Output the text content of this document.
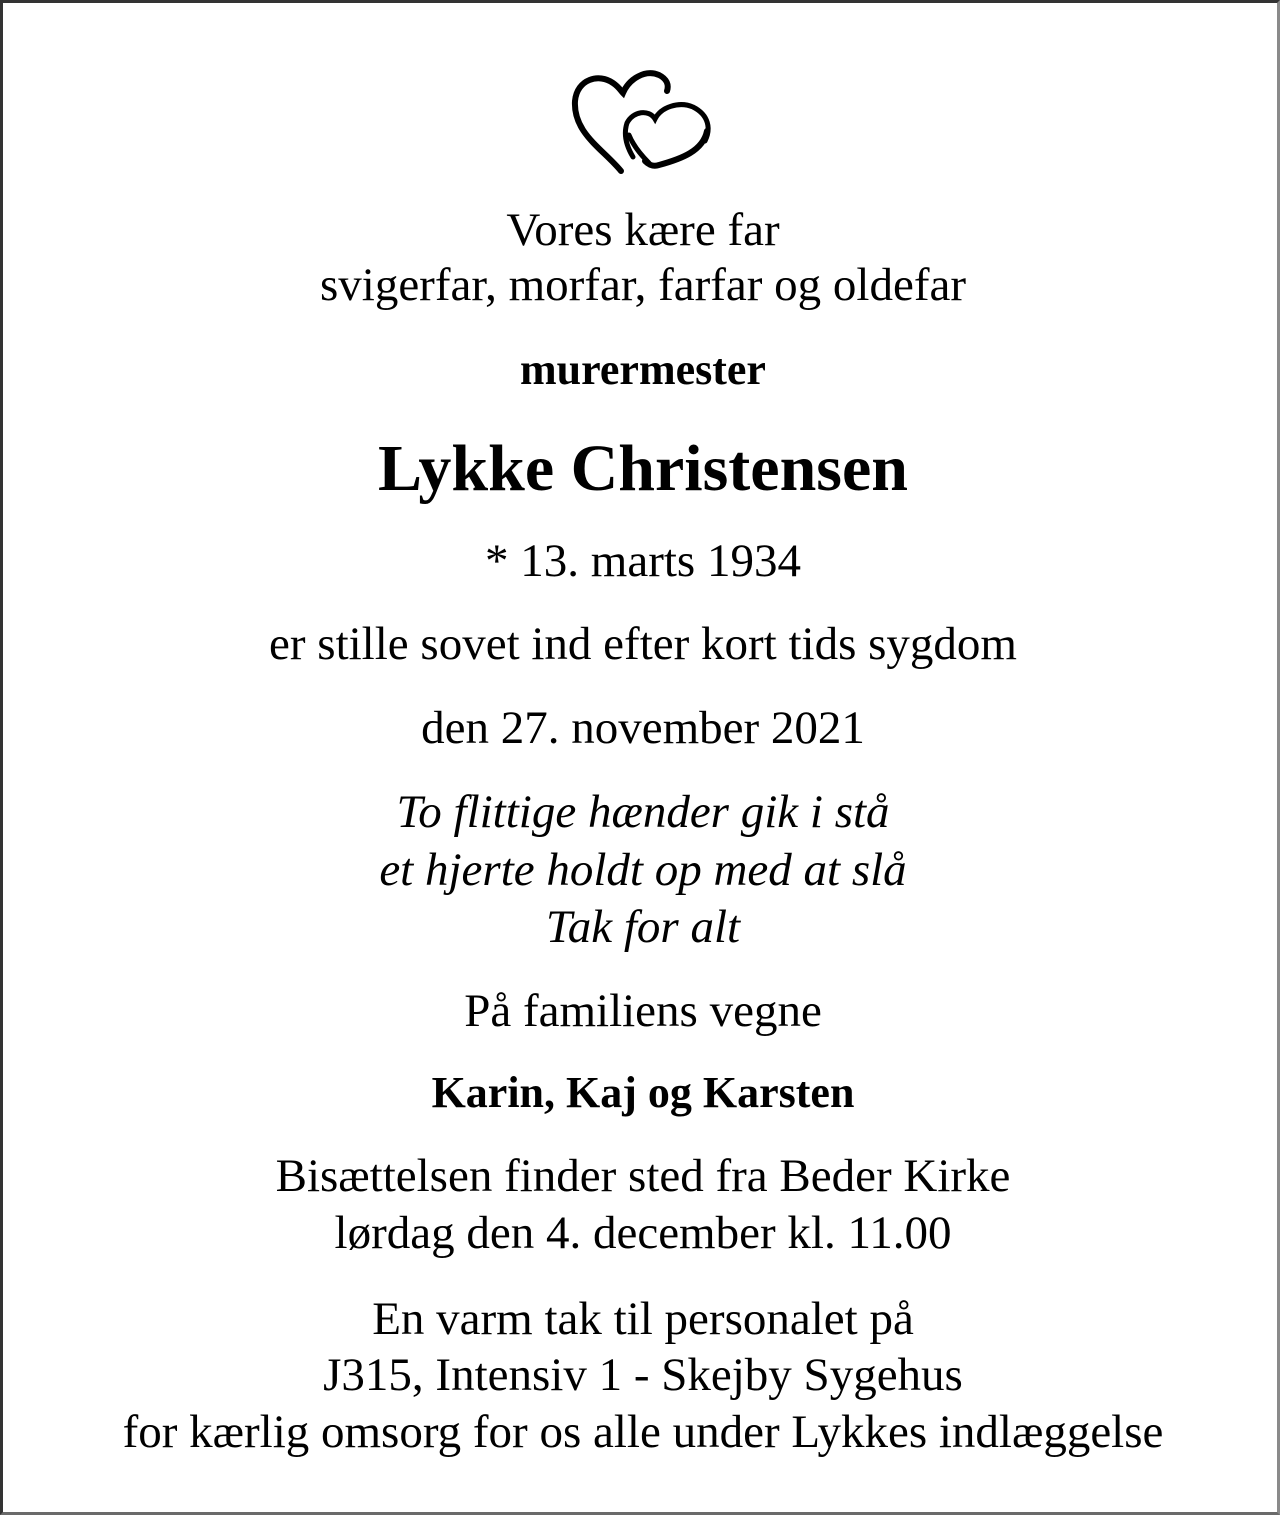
Vores kære far
svigerfar, morfar, farfar og oldefar
murermester
Lykke Christensen
* 13. marts 1934
er stille sovet ind efter kort tids sygdom
den 27. november 2021
To flittige hænder gik i stå
et hjerte holdt op med at slå
Tak for alt
På familiens vegne
Karin, Kaj og Karsten
Bisættelsen finder sted fra Beder Kirke
lørdag den 4. december kl. 11.00
En varm tak til personalet på
J315, Intensiv 1 - Skejby Sygehus
for kærlig omsorg for os alle under Lykkes indlæggelse
